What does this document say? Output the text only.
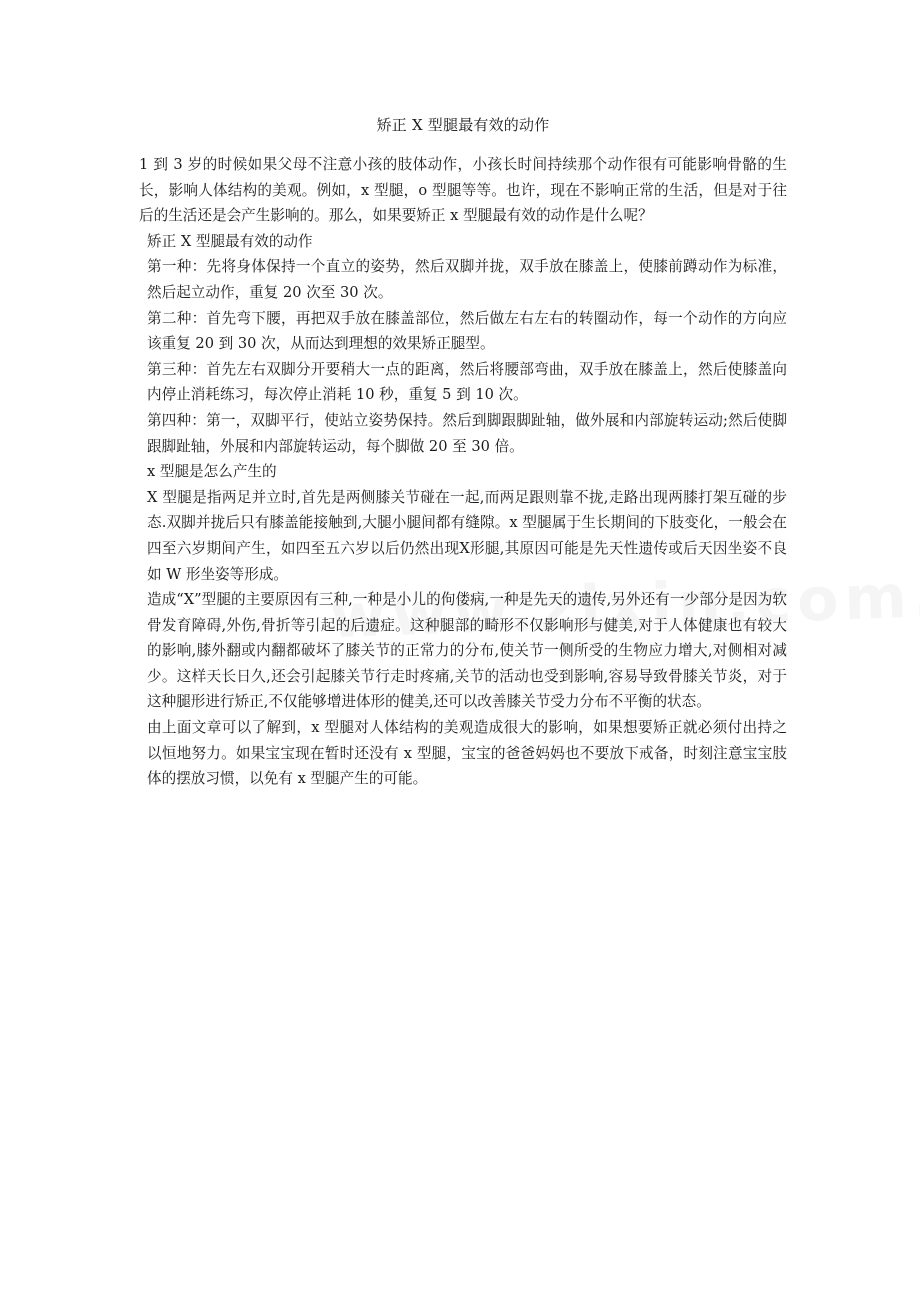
矫正 X 型腿最有效的动作

1 到 3 岁的时候如果父母不注意小孩的肢体动作，小孩长时间持续那个动作很有可能影响骨骼的生长，影响人体结构的美观。例如，x 型腿，o 型腿等等。也许，现在不影响正常的生活，但是对于往后的生活还是会产生影响的。那么，如果要矫正 x 型腿最有效的动作是什么呢？

矫正 X 型腿最有效的动作

第一种：先将身体保持一个直立的姿势，然后双脚并拢，双手放在膝盖上，使膝前蹲动作为标准，然后起立动作，重复 20 次至 30 次。

第二种：首先弯下腰，再把双手放在膝盖部位，然后做左右左右的转圈动作，每一个动作的方向应该重复 20 到 30 次，从而达到理想的效果矫正腿型。

第三种：首先左右双脚分开要稍大一点的距离，然后将腰部弯曲，双手放在膝盖上，然后使膝盖向内停止消耗练习，每次停止消耗 10 秒，重复 5 到 10 次。

第四种：第一，双脚平行，使站立姿势保持。然后到脚跟脚趾轴，做外展和内部旋转运动;然后使脚跟脚趾轴，外展和内部旋转运动，每个脚做 20 至 30 倍。

x 型腿是怎么产生的

X 型腿是指两足并立时,首先是两侧膝关节碰在一起,而两足跟则靠不拢,走路出现两膝打架互碰的步态.双脚并拢后只有膝盖能接触到,大腿小腿间都有缝隙。x 型腿属于生长期间的下肢变化，一般会在四至六岁期间产生，如四至五六岁以后仍然出现X形腿,其原因可能是先天性遗传或后天因坐姿不良如 W 形坐姿等形成。

造成“X”型腿的主要原因有三种,一种是小儿的佝偻病,一种是先天的遗传,另外还有一少部分是因为软骨发育障碍,外伤,骨折等引起的后遗症。这种腿部的畸形不仅影响形与健美,对于人体健康也有较大的影响,膝外翻或内翻都破坏了膝关节的正常力的分布,使关节一侧所受的生物应力增大,对侧相对减少。这样天长日久,还会引起膝关节行走时疼痛,关节的活动也受到影响,容易导致骨膝关节炎，对于这种腿形进行矫正,不仅能够增进体形的健美,还可以改善膝关节受力分布不平衡的状态。

由上面文章可以了解到，x 型腿对人体结构的美观造成很大的影响，如果想要矫正就必须付出持之以恒地努力。如果宝宝现在暂时还没有 x 型腿，宝宝的爸爸妈妈也不要放下戒备，时刻注意宝宝肢体的摆放习惯，以免有 x 型腿产生的可能。
